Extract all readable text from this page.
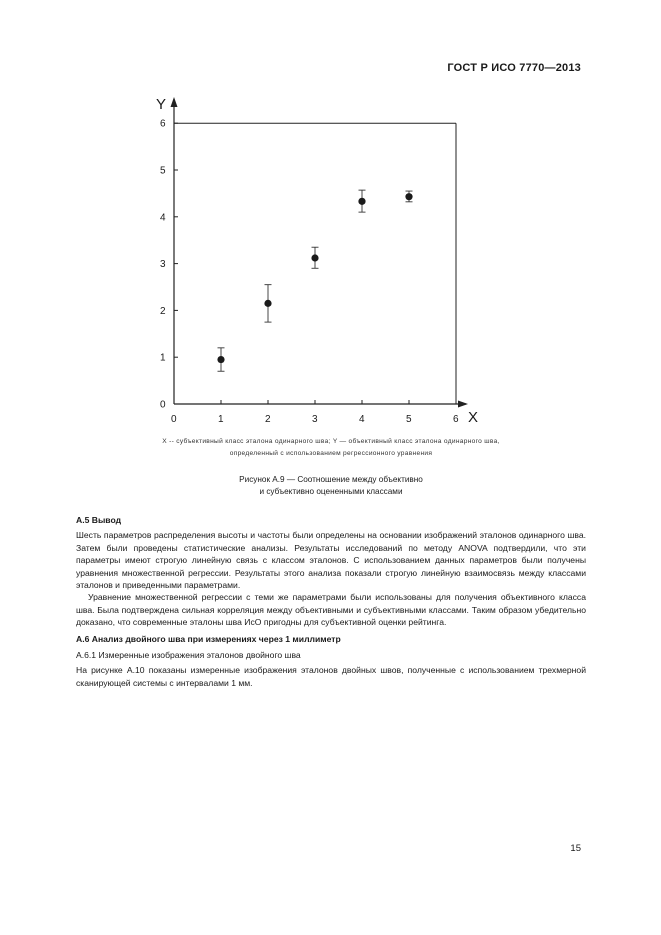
ГОСТ Р ИСО 7770—2013
Y
X
0
1
2
3
4
5
6
0	1	2	3	4	5	6
X -- субъективный класс эталона одинарного шва; Y — объективный класс эталона одинарного шва,
определенный с использованием регрессионного уравнения
Рисунок А.9 — Соотношение между объективно
и субъективно оцененными классами
А.5 Вывод

Шесть параметров распределения высоты и частоты были определены на основании изображений эталонов одинарного шва. Затем были проведены статистические анализы. Результаты исследований по методу ANOVA подтвердили, что эти параметры имеют строгую линейную связь с классом эталонов. С использованием данных параметров были получены уравнения множественной регрессии. Результаты этого анализа показали строгую линейную взаимосвязь между классами эталонов и приведенными параметрами.

Уравнение множественной регрессии с теми же параметрами были использованы для получения объективного класса шва. Была подтверждена сильная корреляция между объективными и субъективными классами. Таким образом убедительно доказано, что современные эталоны шва ИсО пригодны для субъективной оценки рейтинга.

А.6 Анализ двойного шва при измерениях через 1 миллиметр
А.6.1 Измеренные изображения эталонов двойного шва

На рисунке А.10 показаны измеренные изображения эталонов двойных швов, полученные с использованием трехмерной сканирующей системы с интервалами 1 мм.

15
